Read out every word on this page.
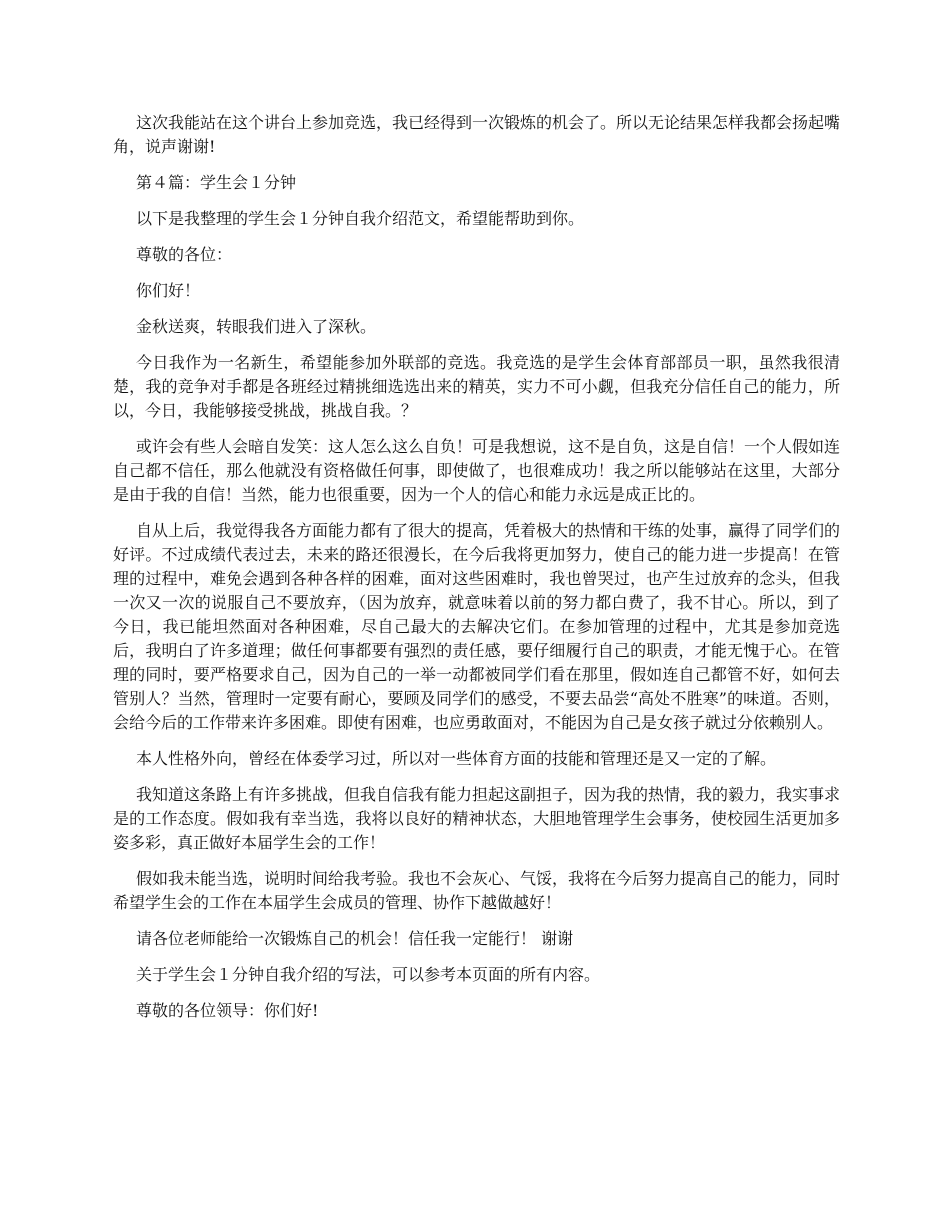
这次我能站在这个讲台上参加竞选，我已经得到一次锻炼的机会了。所以无论结果怎样我都会扬起嘴角，说声谢谢!

第４篇：学生会１分钟

以下是我整理的学生会１分钟自我介绍范文，希望能帮助到你。

尊敬的各位：

你们好！

金秋送爽，转眼我们进入了深秋。

今日我作为一名新生，希望能参加外联部的竞选。我竞选的是学生会体育部部员一职，虽然我很清楚，我的竞争对手都是各班经过精挑细选选出来的精英，实力不可小觑，但我充分信任自己的能力，所以，今日，我能够接受挑战，挑战自我。？

或许会有些人会暗自发笑：这人怎么这么自负！可是我想说，这不是自负，这是自信！一个人假如连自己都不信任，那么他就没有资格做任何事，即使做了，也很难成功！我之所以能够站在这里，大部分是由于我的自信！当然，能力也很重要，因为一个人的信心和能力永远是成正比的。

自从上后，我觉得我各方面能力都有了很大的提高，凭着极大的热情和干练的处事，赢得了同学们的好评。不过成绩代表过去，未来的路还很漫长，在今后我将更加努力，使自己的能力进一步提高！在管理的过程中，难免会遇到各种各样的困难，面对这些困难时，我也曾哭过，也产生过放弃的念头，但我一次又一次的说服自己不要放弃，（因为放弃，就意味着以前的努力都白费了，我不甘心。所以，到了今日，我已能坦然面对各种困难，尽自己最大的去解决它们。在参加管理的过程中，尤其是参加竞选后，我明白了许多道理；做任何事都要有强烈的责任感，要仔细履行自己的职责，才能无愧于心。在管理的同时，要严格要求自己，因为自己的一举一动都被同学们看在那里，假如连自己都管不好，如何去管别人？当然，管理时一定要有耐心，要顾及同学们的感受，不要去品尝“高处不胜寒”的味道。否则，会给今后的工作带来许多困难。即使有困难，也应勇敢面对，不能因为自己是女孩子就过分依赖别人。

本人性格外向，曾经在体委学习过，所以对一些体育方面的技能和管理还是又一定的了解。

我知道这条路上有许多挑战，但我自信我有能力担起这副担子，因为我的热情，我的毅力，我实事求是的工作态度。假如我有幸当选，我将以良好的精神状态，大胆地管理学生会事务，使校园生活更加多姿多彩，真正做好本届学生会的工作！

假如我未能当选，说明时间给我考验。我也不会灰心、气馁，我将在今后努力提高自己的能力，同时希望学生会的工作在本届学生会成员的管理、协作下越做越好！

请各位老师能给一次锻炼自己的机会！信任我一定能行！ 谢谢

关于学生会１分钟自我介绍的写法，可以参考本页面的所有内容。

尊敬的各位领导：你们好!
